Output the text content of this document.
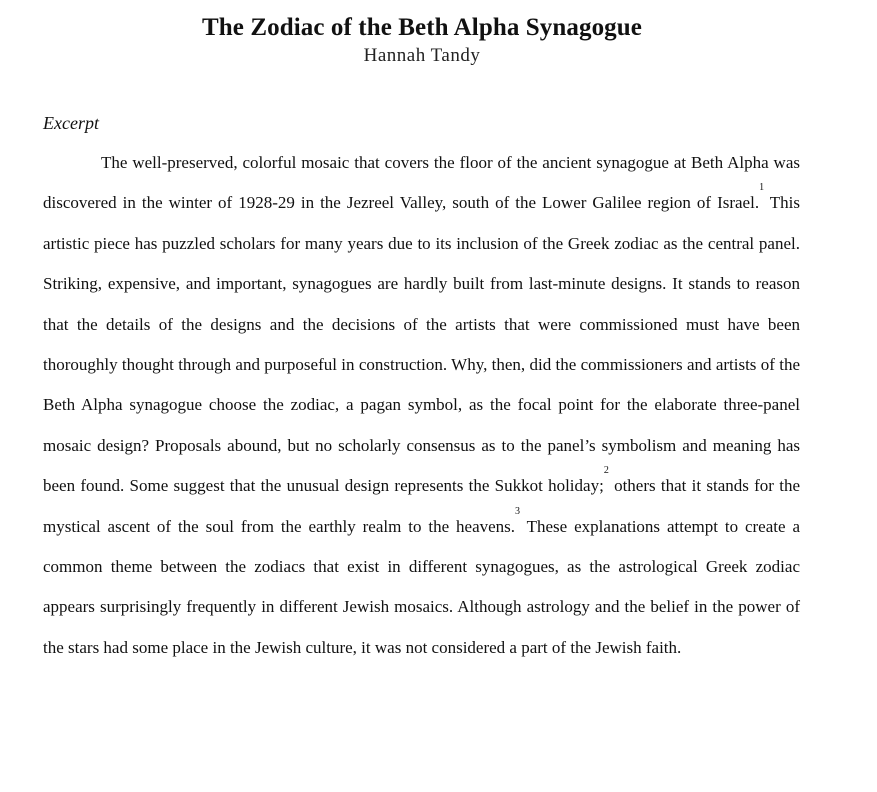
The Zodiac of the Beth Alpha Synagogue
Hannah Tandy
Excerpt

The well-preserved, colorful mosaic that covers the floor of the ancient synagogue at Beth Alpha was discovered in the winter of 1928-29 in the Jezreel Valley, south of the Lower Galilee region of Israel.$^1$ This artistic piece has puzzled scholars for many years due to its inclusion of the Greek zodiac as the central panel. Striking, expensive, and important, synagogues are hardly built from last-minute designs. It stands to reason that the details of the designs and the decisions of the artists that were commissioned must have been thoroughly thought through and purposeful in construction. Why, then, did the commissioners and artists of the Beth Alpha synagogue choose the zodiac, a pagan symbol, as the focal point for the elaborate three-panel mosaic design? Proposals abound, but no scholarly consensus as to the panel’s symbolism and meaning has been found. Some suggest that the unusual design represents the Sukkot holiday;$^2$ others that it stands for the mystical ascent of the soul from the earthly realm to the heavens.$^3$ These explanations attempt to create a common theme between the zodiacs that exist in different synagogues, as the astrological Greek zodiac appears surprisingly frequently in different Jewish mosaics. Although astrology and the belief in the power of the stars had some place in the Jewish culture, it was not considered a part of the Jewish faith.
